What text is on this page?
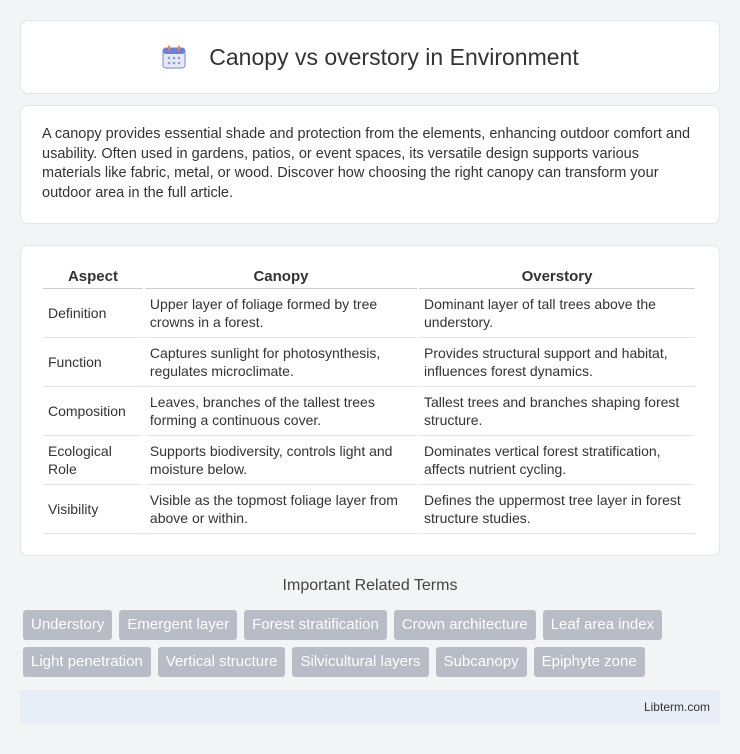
Canopy vs overstory in Environment

A canopy provides essential shade and protection from the elements, enhancing outdoor comfort and usability. Often used in gardens, patios, or event spaces, its versatile design supports various materials like fabric, metal, or wood. Discover how choosing the right canopy can transform your outdoor area in the full article.

Aspect	Canopy	Overstory
Definition	Upper layer of foliage formed by tree crowns in a forest.	Dominant layer of tall trees above the understory.
Function	Captures sunlight for photosynthesis, regulates microclimate.	Provides structural support and habitat, influences forest dynamics.
Composition	Leaves, branches of the tallest trees forming a continuous cover.	Tallest trees and branches shaping forest structure.
Ecological Role	Supports biodiversity, controls light and moisture below.	Dominates vertical forest stratification, affects nutrient cycling.
Visibility	Visible as the topmost foliage layer from above or within.	Defines the uppermost tree layer in forest structure studies.
Important Related Terms
Understory	Emergent layer	Forest stratification	Crown architecture	Leaf area index
Light penetration	Vertical structure	Silvicultural layers	Subcanopy	Epiphyte zone
Libterm.com
